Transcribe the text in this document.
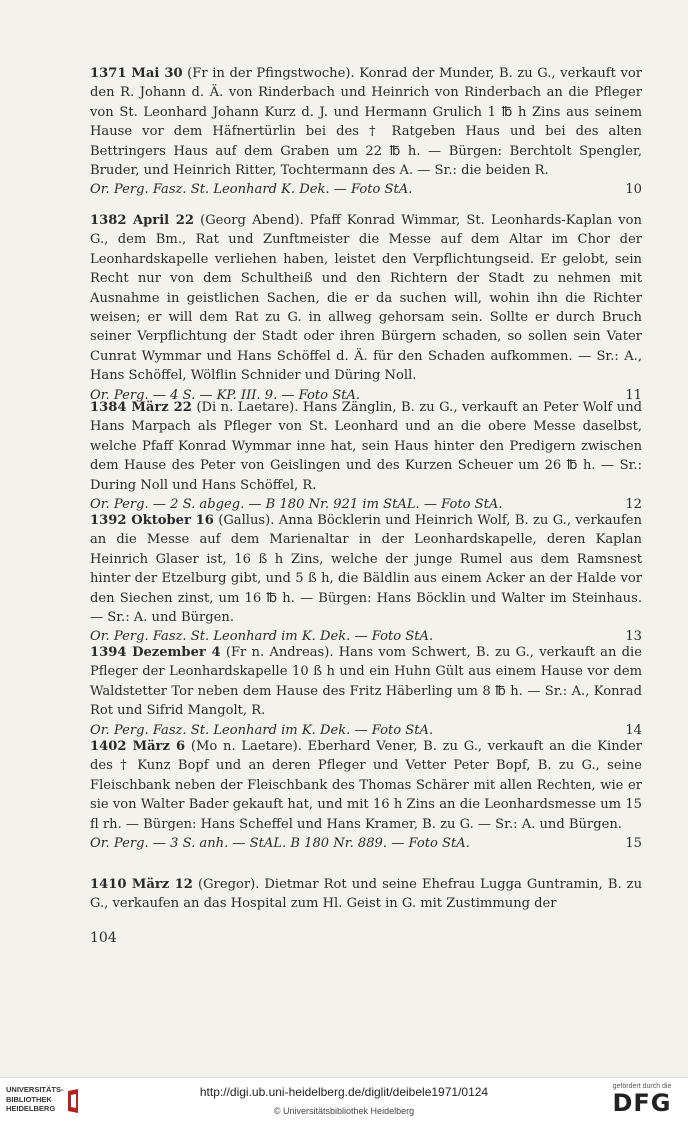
1371 Mai 30 (Fr in der Pfingstwoche). Konrad der Munder, B. zu G., verkauft vor den R. Johann d. Ä. von Rinderbach und Heinrich von Rinderbach an die Pfleger von St. Leonhard Johann Kurz d. J. und Hermann Grulich 1 ℔ h Zins aus seinem Hause vor dem Häfnertürlin bei des † Ratgeben Haus und bei des alten Bettringers Haus auf dem Graben um 22 ℔ h. — Bürgen: Berchtolt Spengler, Bruder, und Heinrich Ritter, Tochtermann des A. — Sr.: die beiden R.
Or. Perg. Fasz. St. Leonhard K. Dek. — Foto StA.	10
1382 April 22 (Georg Abend). Pfaff Konrad Wimmar, St. Leonhards-Kaplan von G., dem Bm., Rat und Zunftmeister die Messe auf dem Altar im Chor der Leonhardskapelle verliehen haben, leistet den Verpflichtungseid. Er gelobt, sein Recht nur von dem Schultheiß und den Richtern der Stadt zu nehmen mit Ausnahme in geistlichen Sachen, die er da suchen will, wohin ihn die Richter weisen; er will dem Rat zu G. in allweg gehorsam sein. Sollte er durch Bruch seiner Verpflichtung der Stadt oder ihren Bürgern schaden, so sollen sein Vater Cunrat Wymmar und Hans Schöffel d. Ä. für den Schaden aufkommen. — Sr.: A., Hans Schöffel, Wölflin Schnider und Düring Noll.
Or. Perg. — 4 S. — KP. III. 9. — Foto StA.	11
1384 März 22 (Di n. Laetare). Hans Zänglin, B. zu G., verkauft an Peter Wolf und Hans Marpach als Pfleger von St. Leonhard und an die obere Messe daselbst, welche Pfaff Konrad Wymmar inne hat, sein Haus hinter den Predigern zwischen dem Hause des Peter von Geislingen und des Kurzen Scheuer um 26 ℔ h. — Sr.: During Noll und Hans Schöffel, R.
Or. Perg. — 2 S. abgeg. — B 180 Nr. 921 im StAL. — Foto StA.	12
1392 Oktober 16 (Gallus). Anna Böcklerin und Heinrich Wolf, B. zu G., verkaufen an die Messe auf dem Marienaltar in der Leonhardskapelle, deren Kaplan Heinrich Glaser ist, 16 ß h Zins, welche der junge Rumel aus dem Ramsnest hinter der Etzelburg gibt, und 5 ß h, die Bäldlin aus einem Acker an der Halde vor den Siechen zinst, um 16 ℔ h. — Bürgen: Hans Böcklin und Walter im Steinhaus. — Sr.: A. und Bürgen.
Or. Perg. Fasz. St. Leonhard im K. Dek. — Foto StA.	13
1394 Dezember 4 (Fr n. Andreas). Hans vom Schwert, B. zu G., verkauft an die Pfleger der Leonhardskapelle 10 ß h und ein Huhn Gült aus einem Hause vor dem Waldstetter Tor neben dem Hause des Fritz Häberling um 8 ℔ h. — Sr.: A., Konrad Rot und Sifrid Mangolt, R.
Or. Perg. Fasz. St. Leonhard im K. Dek. — Foto StA.	14
1402 März 6 (Mo n. Laetare). Eberhard Vener, B. zu G., verkauft an die Kinder des † Kunz Bopf und an deren Pfleger und Vetter Peter Bopf, B. zu G., seine Fleischbank neben der Fleischbank des Thomas Schärer mit allen Rechten, wie er sie von Walter Bader gekauft hat, und mit 16 h Zins an die Leonhardsmesse um 15 fl rh. — Bürgen: Hans Scheffel und Hans Kramer, B. zu G. — Sr.: A. und Bürgen.
Or. Perg. — 3 S. anh. — StAL. B 180 Nr. 889. — Foto StA.	15
1410 März 12 (Gregor). Dietmar Rot und seine Ehefrau Lugga Guntramin, B. zu G., verkaufen an das Hospital zum Hl. Geist in G. mit Zustimmung der
104
UNIVERSITÄTS-
BIBLIOTHEK
HEIDELBERG
http://digi.ub.uni-heidelberg.de/diglit/deibele1971/0124
© Universitätsbibliothek Heidelberg
gefördert durch die
DFG
